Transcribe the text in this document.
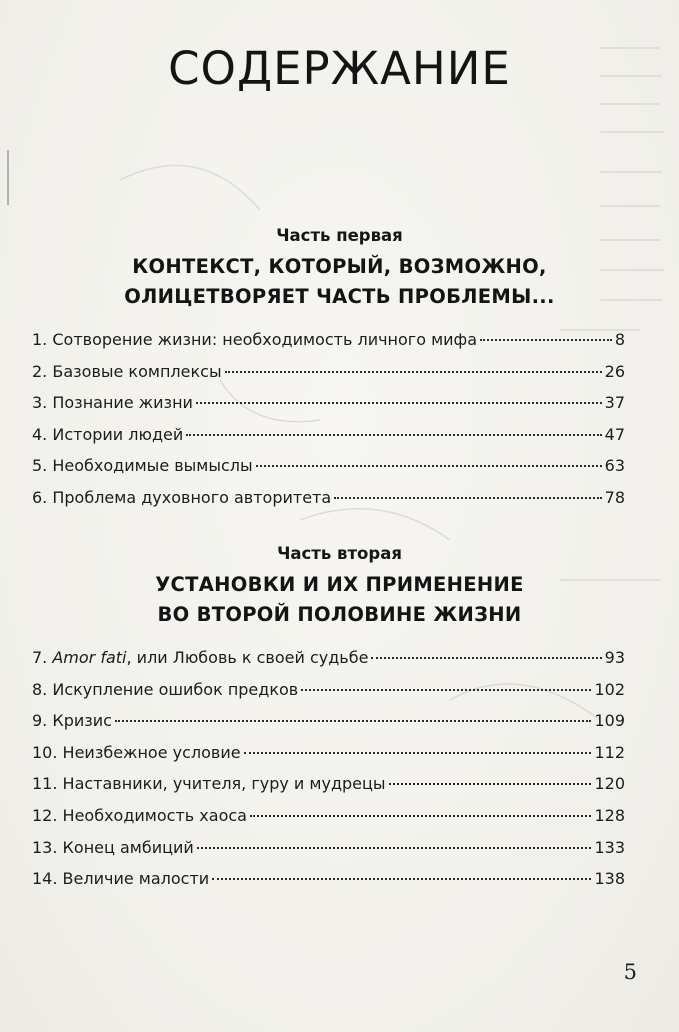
СОДЕРЖАНИЕ
Часть первая
КОНТЕКСТ, КОТОРЫЙ, ВОЗМОЖНО,
ОЛИЦЕТВОРЯЕТ ЧАСТЬ ПРОБЛЕМЫ...
1. Сотворение жизни: необходимость личного мифа	8
2. Базовые комплексы	26
3. Познание жизни	37
4. Истории людей	47
5. Необходимые вымыслы	63
6. Проблема духовного авторитета	78
Часть вторая
УСТАНОВКИ И ИХ ПРИМЕНЕНИЕ
ВО ВТОРОЙ ПОЛОВИНЕ ЖИЗНИ
7. Amor fati, или Любовь к своей судьбе	93
8. Искупление ошибок предков	102
9. Кризис	109
10. Неизбежное условие	112
11. Наставники, учителя, гуру и мудрецы	120
12. Необходимость хаоса	128
13. Конец амбиций	133
14. Величие малости	138
5
